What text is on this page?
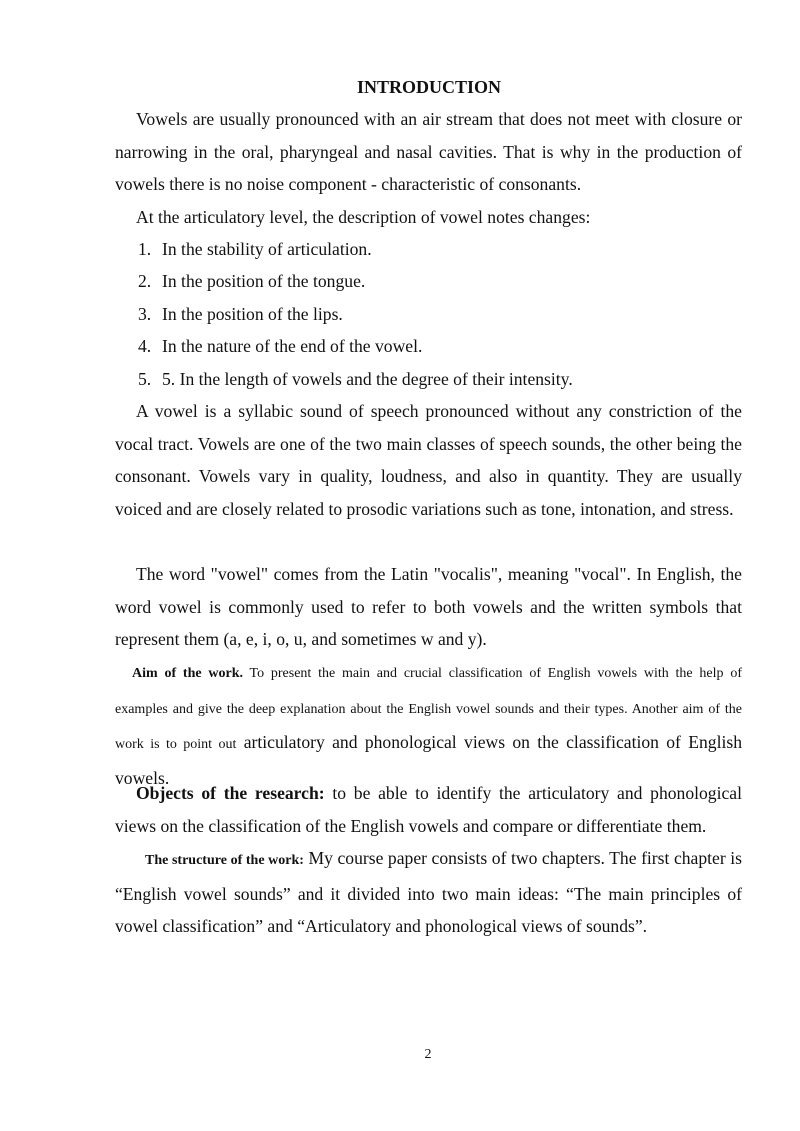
INTRODUCTION

Vowels are usually pronounced with an air stream that does not meet with closure or narrowing in the oral, pharyngeal and nasal cavities. That is why in the production of vowels there is no noise component - characteristic of consonants.

At the articulatory level, the description of vowel notes changes:

1. In the stability of articulation.

2. In the position of the tongue.

3. In the position of the lips.

4. In the nature of the end of the vowel.

5. 5. In the length of vowels and the degree of their intensity.

A vowel is a syllabic sound of speech pronounced without any constriction of the vocal tract. Vowels are one of the two main classes of speech sounds, the other being the consonant. Vowels vary in quality, loudness, and also in quantity. They are usually voiced and are closely related to prosodic variations such as tone, intonation, and stress.

The word "vowel" comes from the Latin "vocalis", meaning "vocal". In English, the word vowel is commonly used to refer to both vowels and the written symbols that represent them (a, e, i, o, u, and sometimes w and y).

Aim of the work. To present the main and crucial classification of English vowels with the help of examples and give the deep explanation about the English vowel sounds and their types. Another aim of the work is to point out articulatory and phonological views on the classification of English vowels.

Objects of the research: to be able to identify the articulatory and phonological views on the classification of the English vowels and compare or differentiate them.

The structure of the work: My course paper consists of two chapters. The first chapter is “English vowel sounds” and it divided into two main ideas: “The main principles of vowel classification” and “Articulatory and phonological views of sounds”.

2
